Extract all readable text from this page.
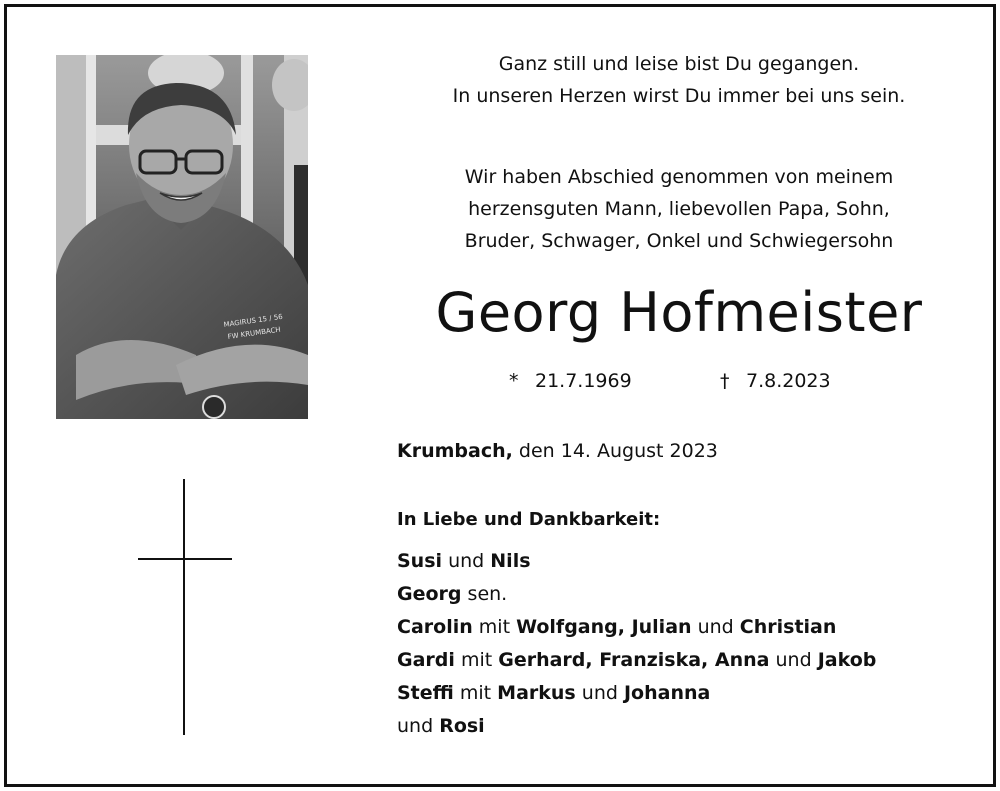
MAGIRUS 15 / 56
FW KRUMBACH
Ganz still und leise bist Du gegangen.
In unseren Herzen wirst Du immer bei uns sein.
Wir haben Abschied genommen von meinem
herzensguten Mann, liebevollen Papa, Sohn,
Bruder, Schwager, Onkel und Schwiegersohn
Georg Hofmeister
* 21.7.1969	† 7.8.2023
Krumbach, den 14. August 2023
In Liebe und Dankbarkeit:
Susi und Nils
Georg sen.
Carolin mit Wolfgang, Julian und Christian
Gardi mit Gerhard, Franziska, Anna und Jakob
Steffi mit Markus und Johanna
und Rosi
